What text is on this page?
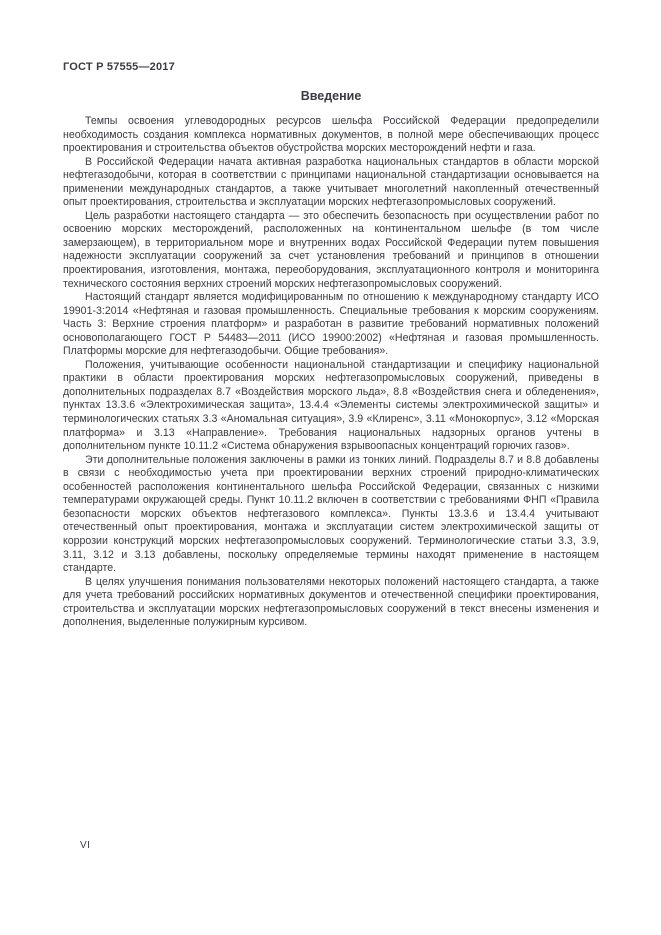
ГОСТ Р 57555—2017
Введение

Темпы освоения углеводородных ресурсов шельфа Российской Федерации предопределили необходимость создания комплекса нормативных документов, в полной мере обеспечивающих процесс проектирования и строительства объектов обустройства морских месторождений нефти и газа.

В Российской Федерации начата активная разработка национальных стандартов в области морской нефтегазодобычи, которая в соответствии с принципами национальной стандартизации основывается на применении международных стандартов, а также учитывает многолетний накопленный отечественный опыт проектирования, строительства и эксплуатации морских нефтегазопромысловых сооружений.

Цель разработки настоящего стандарта — это обеспечить безопасность при осуществлении работ по освоению морских месторождений, расположенных на континентальном шельфе (в том числе замерзающем), в территориальном море и внутренних водах Российской Федерации путем повышения надежности эксплуатации сооружений за счет установления требований и принципов в отношении проектирования, изготовления, монтажа, переоборудования, эксплуатационного контроля и мониторинга технического состояния верхних строений морских нефтегазопромысловых сооружений.

Настоящий стандарт является модифицированным по отношению к международному стандарту ИСО 19901-3:2014 «Нефтяная и газовая промышленность. Специальные требования к морским сооружениям. Часть 3: Верхние строения платформ» и разработан в развитие требований нормативных положений основополагающего ГОСТ Р 54483—2011 (ИСО 19900:2002) «Нефтяная и газовая промышленность. Платформы морские для нефтегазодобычи. Общие требования».

Положения, учитывающие особенности национальной стандартизации и специфику национальной практики в области проектирования морских нефтегазопромысловых сооружений, приведены в дополнительных подразделах 8.7 «Воздействия морского льда», 8.8 «Воздействия снега и обледенения», пунктах 13.3.6 «Электрохимическая защита», 13.4.4 «Элементы системы электрохимической защиты» и терминологических статьях 3.3 «Аномальная ситуация», 3.9 «Клиренс», 3.11 «Монокорпус», 3.12 «Морская платформа» и 3.13 «Направление». Требования национальных надзорных органов учтены в дополнительном пункте 10.11.2 «Система обнаружения взрывоопасных концентраций горючих газов».

Эти дополнительные положения заключены в рамки из тонких линий. Подразделы 8.7 и 8.8 добавлены в связи с необходимостью учета при проектировании верхних строений природно-климатических особенностей расположения континентального шельфа Российской Федерации, связанных с низкими температурами окружающей среды. Пункт 10.11.2 включен в соответствии с требованиями ФНП «Правила безопасности морских объектов нефтегазового комплекса». Пункты 13.3.6 и 13.4.4 учитывают отечественный опыт проектирования, монтажа и эксплуатации систем электрохимической защиты от коррозии конструкций морских нефтегазопромысловых сооружений. Терминологические статьи 3.3, 3.9, 3.11, 3.12 и 3.13 добавлены, поскольку определяемые термины находят применение в настоящем стандарте.

В целях улучшения понимания пользователями некоторых положений настоящего стандарта, а также для учета требований российских нормативных документов и отечественной специфики проектирования, строительства и эксплуатации морских нефтегазопромысловых сооружений в текст внесены изменения и дополнения, выделенные полужирным курсивом.

VI
